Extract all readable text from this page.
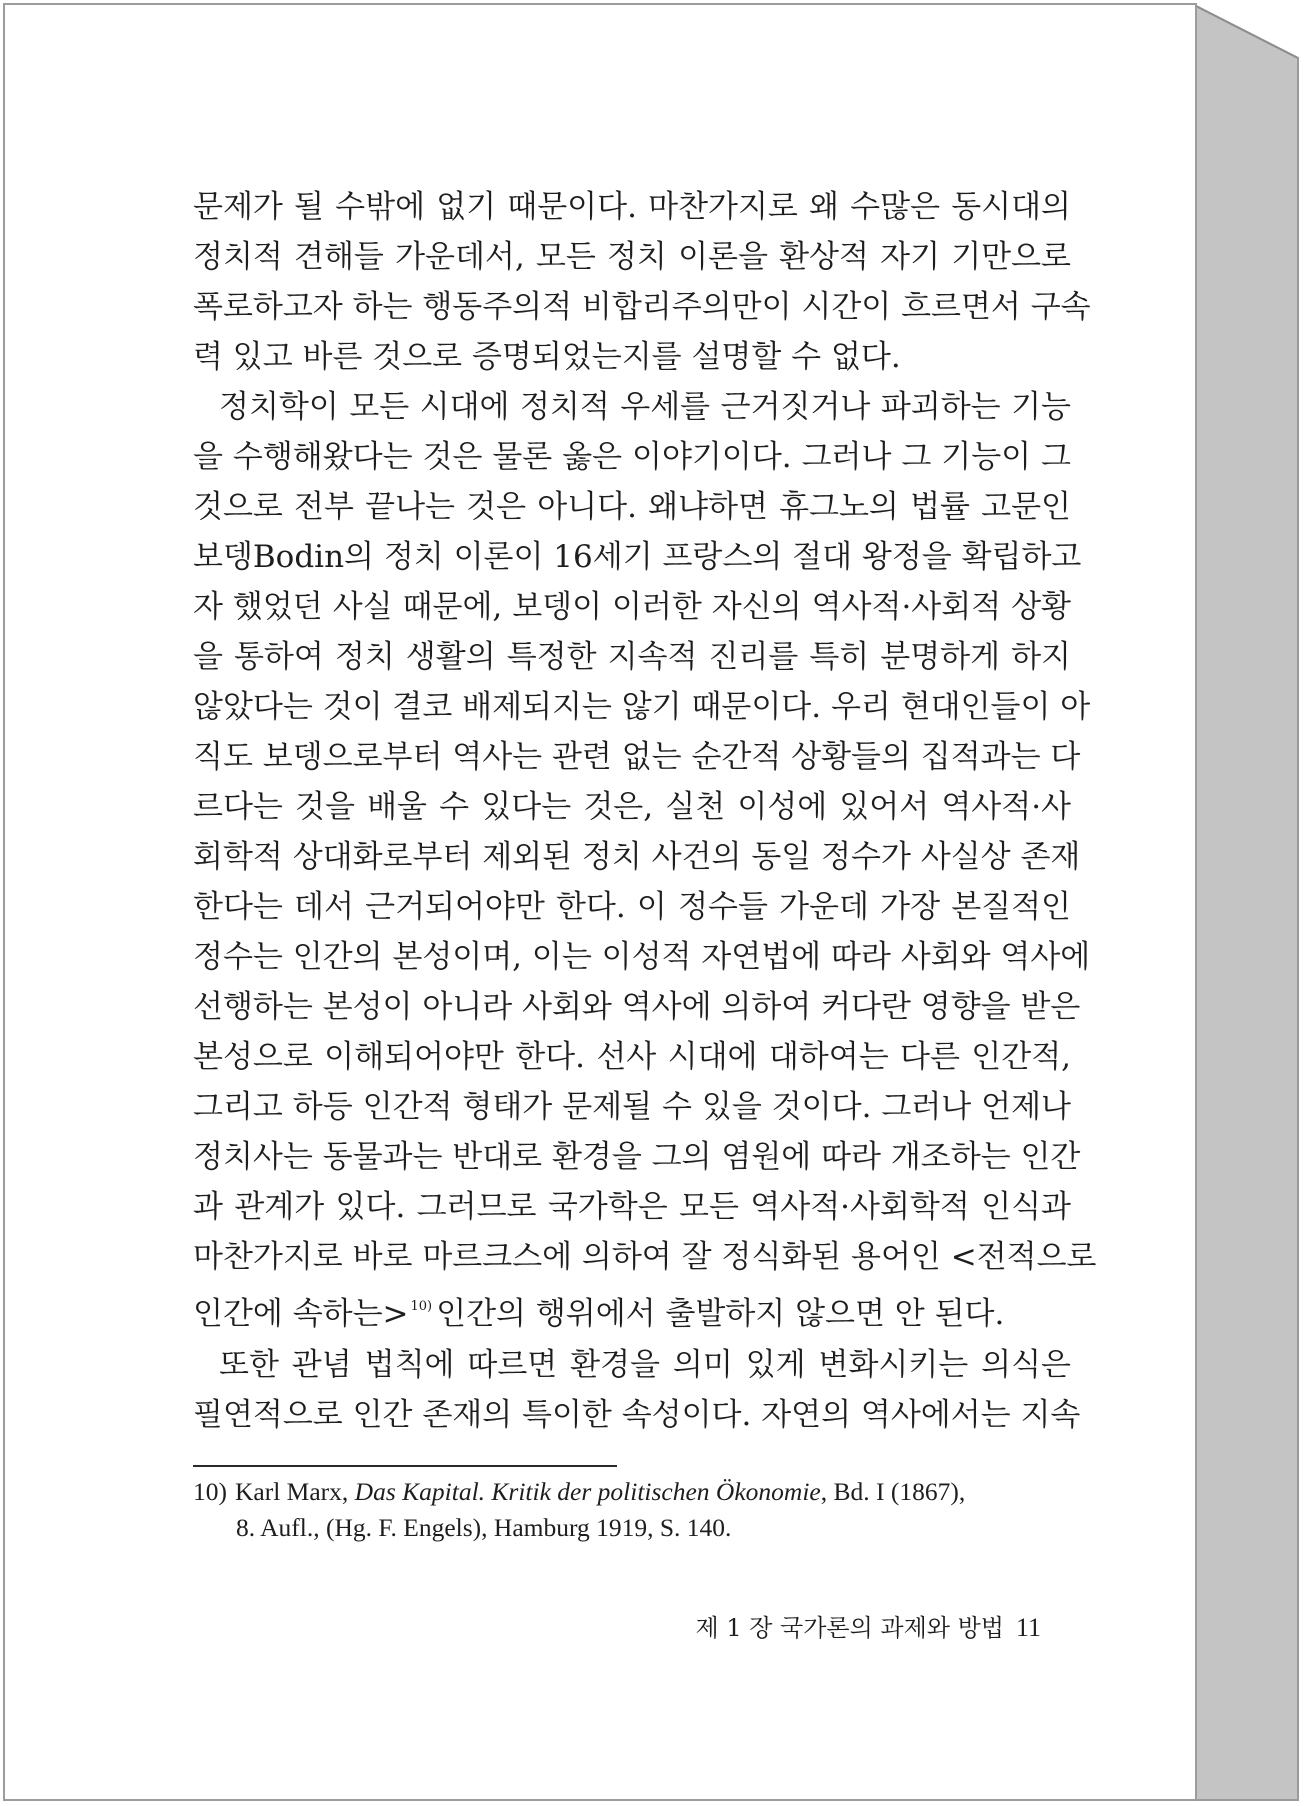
문제가 될 수밖에 없기 때문이다. 마찬가지로 왜 수많은 동시대의
정치적 견해들 가운데서, 모든 정치 이론을 환상적 자기 기만으로
폭로하고자 하는 행동주의적 비합리주의만이 시간이 흐르면서 구속
력 있고 바른 것으로 증명되었는지를 설명할 수 없다.
정치학이 모든 시대에 정치적 우세를 근거짓거나 파괴하는 기능
을 수행해왔다는 것은 물론 옳은 이야기이다. 그러나 그 기능이 그
것으로 전부 끝나는 것은 아니다. 왜냐하면 휴그노의 법률 고문인
보뎅Bodin의 정치 이론이 16세기 프랑스의 절대 왕정을 확립하고
자 했었던 사실 때문에, 보뎅이 이러한 자신의 역사적·사회적 상황
을 통하여 정치 생활의 특정한 지속적 진리를 특히 분명하게 하지
않았다는 것이 결코 배제되지는 않기 때문이다. 우리 현대인들이 아
직도 보뎅으로부터 역사는 관련 없는 순간적 상황들의 집적과는 다
르다는 것을 배울 수 있다는 것은, 실천 이성에 있어서 역사적·사
회학적 상대화로부터 제외된 정치 사건의 동일 정수가 사실상 존재
한다는 데서 근거되어야만 한다. 이 정수들 가운데 가장 본질적인
정수는 인간의 본성이며, 이는 이성적 자연법에 따라 사회와 역사에
선행하는 본성이 아니라 사회와 역사에 의하여 커다란 영향을 받은
본성으로 이해되어야만 한다. 선사 시대에 대하여는 다른 인간적,
그리고 하등 인간적 형태가 문제될 수 있을 것이다. 그러나 언제나
정치사는 동물과는 반대로 환경을 그의 염원에 따라 개조하는 인간
과 관계가 있다. 그러므로 국가학은 모든 역사적·사회학적 인식과
마찬가지로 바로 마르크스에 의하여 잘 정식화된 용어인 <전적으로
인간에 속하는> $^{10)}$ 인간의 행위에서 출발하지 않으면 안 된다.
또한 관념 법칙에 따르면 환경을 의미 있게 변화시키는 의식은
필연적으로 인간 존재의 특이한 속성이다. 자연의 역사에서는 지속
10) Karl Marx, Das Kapital. Kritik der politischen Ökonomie, Bd. I (1867),
8. Aufl., (Hg. F. Engels), Hamburg 1919, S. 140.
제 1 장 국가론의 과제와 방법 11
